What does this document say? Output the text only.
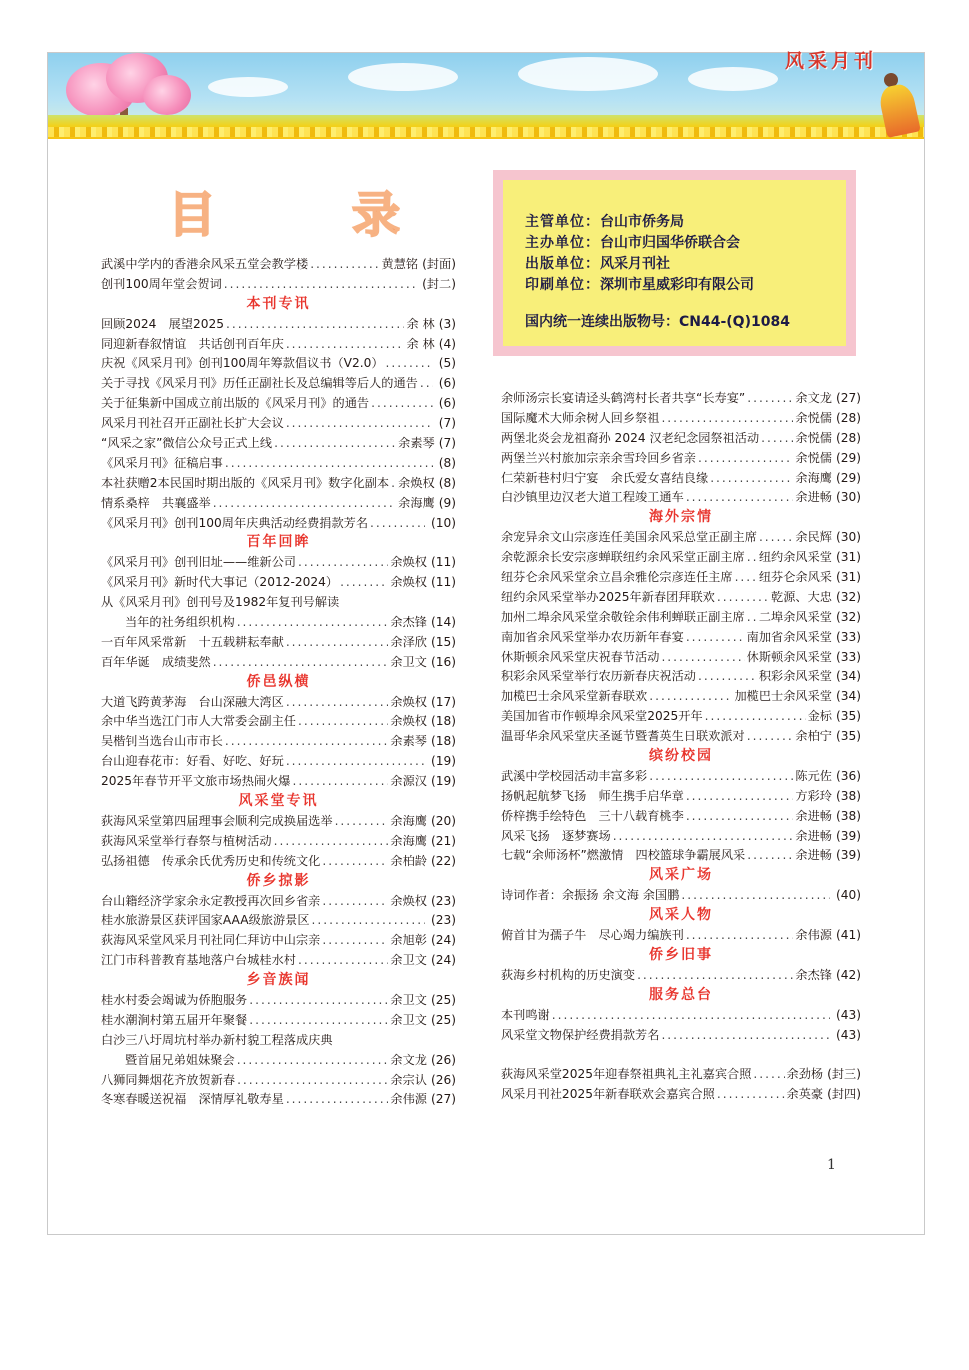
风采月刊
目	录	主管单位：台山市侨务局
主办单位：台山市归国华侨联合会
出版单位：风采月刊社
印刷单位：深圳市星威彩印有限公司
国内统一连续出版物号：CN44-(Q)1084
武溪中学内的香港余风采五堂会教学楼 .....	黄慧铭 (封面)
创刊100周年堂会贺词 .....	(封二)
本刊专讯
回顾2024　展望2025 .....	余 林 (3)
同迎新春叙情谊　共话创刊百年庆 .....	余 林 (4)
庆祝《风采月刊》创刊100周年筹款倡议书（V2.0） .....	(5)
关于寻找《风采月刊》历任正副社长及总编辑等后人的通告 ..... (6)
关于征集新中国成立前出版的《风采月刊》的通告 .....	(6)
风采月刊社召开正副社长扩大会议 .....	(7)
“风采之家”微信公众号正式上线 .....	余素琴 (7)
《风采月刊》征稿启事 .....	(8)
本社获赠2本民国时期出版的《风采月刊》数字化副本 ..... 余焕权 (8)
情系桑梓　共襄盛举 .....	余海鹰 (9)
《风采月刊》创刊100周年庆典活动经费捐款芳名 .....	(10)
百年回眸
《风采月刊》创刊旧址——维新公司 .....	余焕权 (11)
《风采月刊》新时代大事记（2012-2024） .....	余焕权 (11)
从《风采月刊》创刊号及1982年复刊号解读
当年的社务组织机构 .....	余杰锋 (14)
一百年风采常新　十五载耕耘奉献 .....	余泽欣 (15)
百年华诞　成绩斐然 .....	余卫文 (16)
侨邑纵横
大道飞跨黄茅海　台山深融大湾区 .....	余焕权 (17)
余中华当选江门市人大常委会副主任 .....	余焕权 (18)
吴楷钊当选台山市市长 .....	余素琴 (18)
台山迎春花市：好看、好吃、好玩 .....	(19)
2025年春节开平文旅市场热闹火爆 .....	余源汉 (19)
风采堂专讯
荻海风采堂第四届理事会顺利完成换届选举 .....	余海鹰 (20)
荻海风采堂举行春祭与植树活动 .....	余海鹰 (21)
弘扬祖德　传承余氏优秀历史和传统文化 .....	余柏龄 (22)
侨乡掠影
台山籍经济学家余永定教授再次回乡省亲 .....	余焕权 (23)
桂水旅游景区获评国家AAA级旅游景区 .....	(23)
荻海风采堂风采月刊社同仁拜访中山宗亲 .....	余旭彰 (24)
江门市科普教育基地落户台城桂水村 .....	余卫文 (24)
乡音族闻
桂水村委会竭诚为侨胞服务 .....	余卫文 (25)
桂水潮涧村第五届开年聚餐 .....	余卫文 (25)
白沙三八圩周坑村举办新村貌工程落成庆典
暨首届兄弟姐妹聚会 .....	余文龙 (26)
八狮同舞烟花齐放贺新春 .....	余宗认 (26)
冬寒春暖送祝福　深情厚礼敬寿星 .....	余伟源 (27)
余师汤宗长宴请迳头鹤湾村长者共享“长寿宴” .....	余文龙 (27)
国际魔术大师余树人回乡祭祖 .....	余悦儒 (28)
两堡北炎会龙祖裔孙 2024 汉老纪念园祭祖活动 .....	余悦儒 (28)
两堡兰兴村旅加宗亲余雪玲回乡省亲 .....	余悦儒 (29)
仁荣新巷村归宁宴　余氏爱女喜结良缘 .....	余海鹰 (29)
白沙镇里边汉老大道工程竣工通车 .....	余进畅 (30)
海外宗情
余宠异余文山宗彦连任美国余风采总堂正副主席 .....	余民辉 (30)
余乾源余长安宗彦蝉联纽约余风采堂正副主席 ..... 纽约余风采堂 (31)
纽芬仑余风采堂余立昌余雅伦宗彦连任主席 ..... 纽芬仑余风采 (31)
纽约余风采堂举办2025年新春团拜联欢 .....	乾源、大忠 (32)
加州二埠余风采堂余敬铨余伟利蝉联正副主席 ..... 二埠余风采堂 (32)
南加省余风采堂举办农历新年春宴 .....	南加省余风采堂 (33)
休斯顿余风采堂庆祝春节活动 .....	休斯顿余风采堂 (33)
积彩余风采堂举行农历新春庆祝活动 .....	积彩余风采堂 (34)
加榄巴士余风采堂新春联欢 .....	加榄巴士余风采堂 (34)
美国加省市作顿埠余风采堂2025开年 .....	金标 (35)
温哥华余风采堂庆圣诞节暨耆英生日联欢派对 .....	余柏宁 (35)
缤纷校园
武溪中学校园活动丰富多彩 .....	陈元佐 (36)
扬帆起航梦飞扬　师生携手启华章 .....	方彩玲 (38)
侨梓携手绘特色　三十八载育桃李 .....	余进畅 (38)
风采飞扬　逐梦赛场 .....	余进畅 (39)
七载“余师汤杯”燃激情　四校篮球争霸展风采 .....	余进畅 (39)
风采广场
诗词作者：余振扬 余文海 余国鹏 .....	(40)
风采人物
俯首甘为孺子牛　尽心竭力编族刊 .....	余伟源 (41)
侨乡旧事
荻海乡村机构的历史演变 .....	余杰锋 (42)
服务总台
本刊鸣谢 .....	(43)
风采堂文物保护经费捐款芳名 .....	(43)
荻海风采堂2025年迎春祭祖典礼主礼嘉宾合照 .....	余劲杨 (封三)
风采月刊社2025年新春联欢会嘉宾合照 .....	余英豪 (封四)
1
